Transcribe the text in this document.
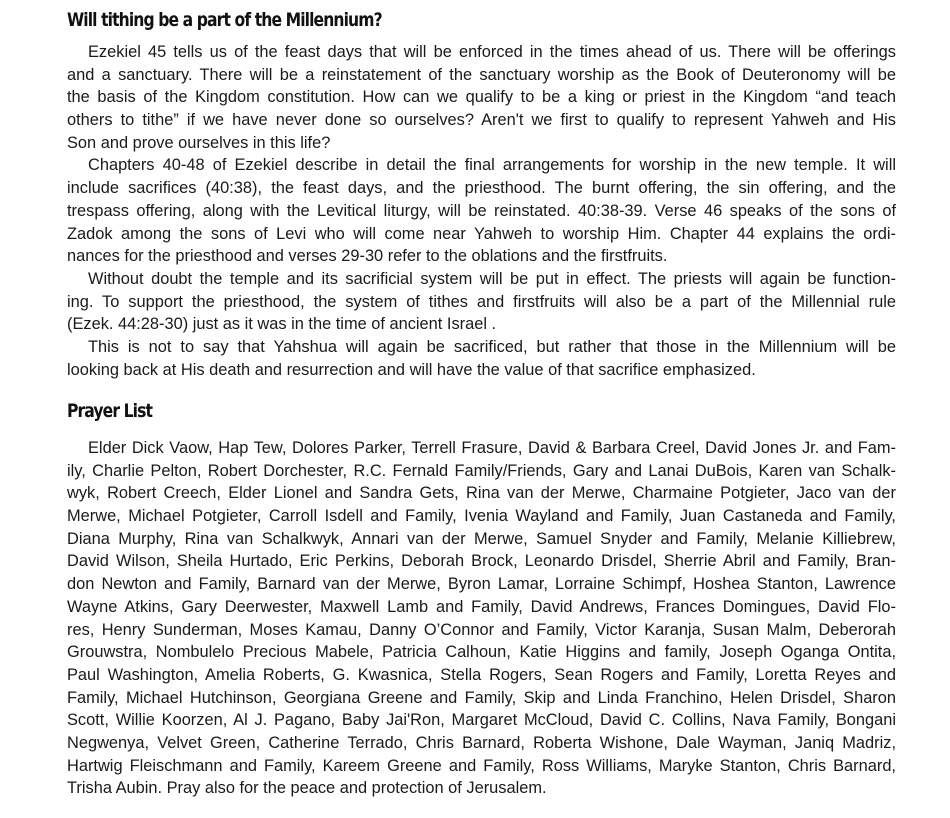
Will tithing be a part of the Millennium?
Ezekiel 45 tells us of the feast days that will be enforced in the times ahead of us. There will be offerings
and a sanctuary. There will be a reinstatement of the sanctuary worship as the Book of Deuteronomy will be
the basis of the Kingdom constitution. How can we qualify to be a king or priest in the Kingdom “and teach
others to tithe” if we have never done so ourselves? Aren't we first to qualify to represent Yahweh and His
Son and prove ourselves in this life?
Chapters 40-48 of Ezekiel describe in detail the final arrangements for worship in the new temple. It will
include sacrifices (40:38), the feast days, and the priesthood. The burnt offering, the sin offering, and the
trespass offering, along with the Levitical liturgy, will be reinstated. 40:38-39. Verse 46 speaks of the sons of
Zadok among the sons of Levi who will come near Yahweh to worship Him. Chapter 44 explains the ordi-
nances for the priesthood and verses 29-30 refer to the oblations and the firstfruits.
Without doubt the temple and its sacrificial system will be put in effect. The priests will again be function-
ing. To support the priesthood, the system of tithes and firstfruits will also be a part of the Millennial rule
(Ezek. 44:28-30) just as it was in the time of ancient Israel .
This is not to say that Yahshua will again be sacrificed, but rather that those in the Millennium will be
looking back at His death and resurrection and will have the value of that sacrifice emphasized.
Prayer List
Elder Dick Vaow, Hap Tew, Dolores Parker, Terrell Frasure, David & Barbara Creel, David Jones Jr. and Fam-
ily, Charlie Pelton, Robert Dorchester, R.C. Fernald Family/Friends, Gary and Lanai DuBois, Karen van Schalk-
wyk, Robert Creech, Elder Lionel and Sandra Gets, Rina van der Merwe, Charmaine Potgieter, Jaco van der
Merwe, Michael Potgieter, Carroll Isdell and Family, Ivenia Wayland and Family, Juan Castaneda and Family,
Diana Murphy, Rina van Schalkwyk, Annari van der Merwe, Samuel Snyder and Family, Melanie Killiebrew,
David Wilson, Sheila Hurtado, Eric Perkins, Deborah Brock, Leonardo Drisdel, Sherrie Abril and Family, Bran-
don Newton and Family, Barnard van der Merwe, Byron Lamar, Lorraine Schimpf, Hoshea Stanton, Lawrence
Wayne Atkins, Gary Deerwester, Maxwell Lamb and Family, David Andrews, Frances Domingues, David Flo-
res, Henry Sunderman, Moses Kamau, Danny O’Connor and Family, Victor Karanja, Susan Malm, Deberorah
Grouwstra, Nombulelo Precious Mabele, Patricia Calhoun, Katie Higgins and family, Joseph Oganga Ontita,
Paul Washington, Amelia Roberts, G. Kwasnica, Stella Rogers, Sean Rogers and Family, Loretta Reyes and
Family, Michael Hutchinson, Georgiana Greene and Family, Skip and Linda Franchino, Helen Drisdel, Sharon
Scott, Willie Koorzen, Al J. Pagano, Baby Jai'Ron, Margaret McCloud, David C. Collins, Nava Family, Bongani
Negwenya, Velvet Green, Catherine Terrado, Chris Barnard, Roberta Wishone, Dale Wayman, Janiq Madriz,
Hartwig Fleischmann and Family, Kareem Greene and Family, Ross Williams, Maryke Stanton, Chris Barnard,
Trisha Aubin. Pray also for the peace and protection of Jerusalem.
